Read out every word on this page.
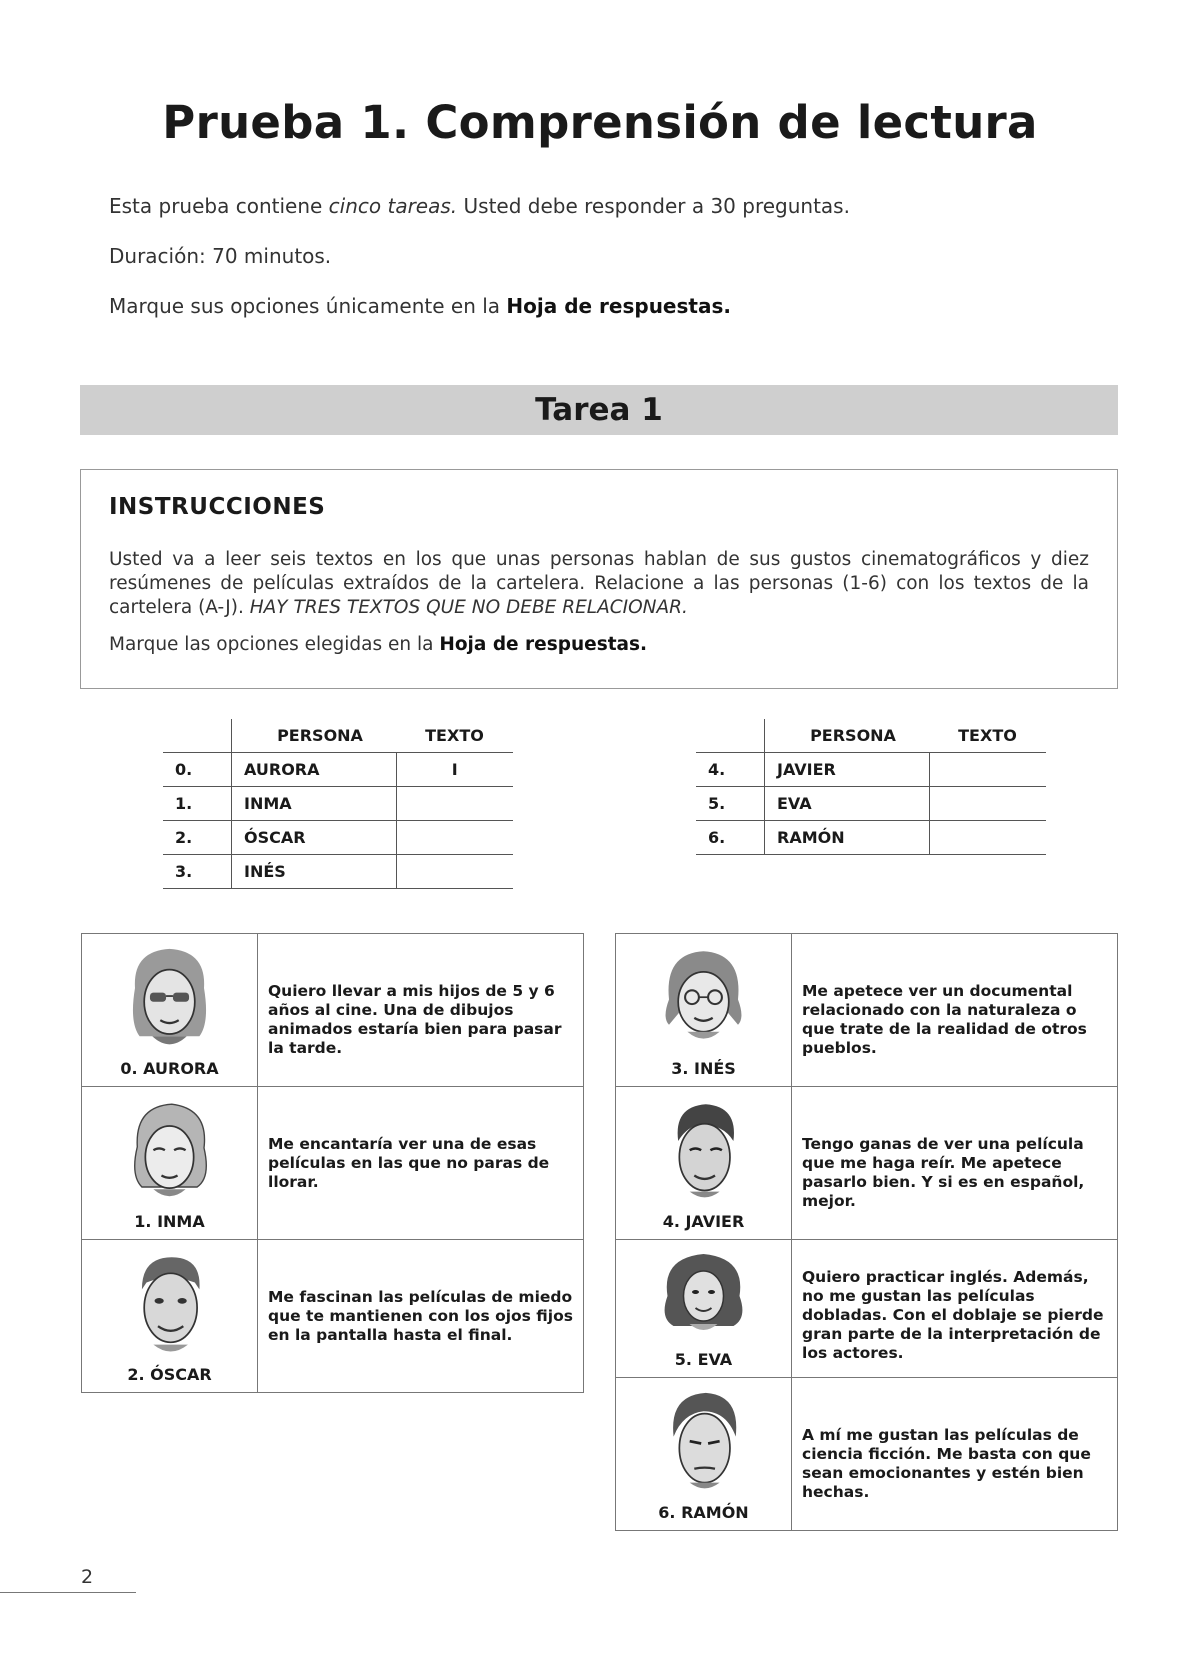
Prueba 1. Comprensión de lectura
Esta prueba contiene cinco tareas. Usted debe responder a 30 preguntas.
Duración: 70 minutos.
Marque sus opciones únicamente en la Hoja de respuestas.
Tarea 1
INSTRUCCIONES
Usted va a leer seis textos en los que unas personas hablan de sus gustos cinematográficos y diez resúmenes de películas extraídos de la cartelera. Relacione a las personas (1-6) con los textos de la cartelera (A-J). HAY TRES TEXTOS QUE NO DEBE RELACIONAR.
Marque las opciones elegidas en la Hoja de respuestas.
	PERSONA	TEXTO
0.	AURORA	I
1.	INMA	
2.	ÓSCAR	
3.	INÉS	
	PERSONA	TEXTO
4.	JAVIER	
5.	EVA	
6.	RAMÓN	
0. AURORA	Quiero llevar a mis hijos de 5 y 6 años al cine. Una de dibujos animados estaría bien para pasar la tarde.

1. INMA	Me encantaría ver una de esas películas en las que no paras de llorar.

2. ÓSCAR	Me fascinan las películas de miedo que te mantienen con los ojos fijos en la pantalla hasta el final.
3. INÉS	Me apetece ver un documental relacionado con la naturaleza o que trate de la realidad de otros pueblos.

4. JAVIER	Tengo ganas de ver una película que me haga reír. Me apetece pasarlo bien. Y si es en español, mejor.

5. EVA	Quiero practicar inglés. Además, no me gustan las películas dobladas. Con el doblaje se pierde gran parte de la interpretación de los actores.

6. RAMÓN	A mí me gustan las películas de ciencia ficción. Me basta con que sean emocionantes y estén bien hechas.
2
